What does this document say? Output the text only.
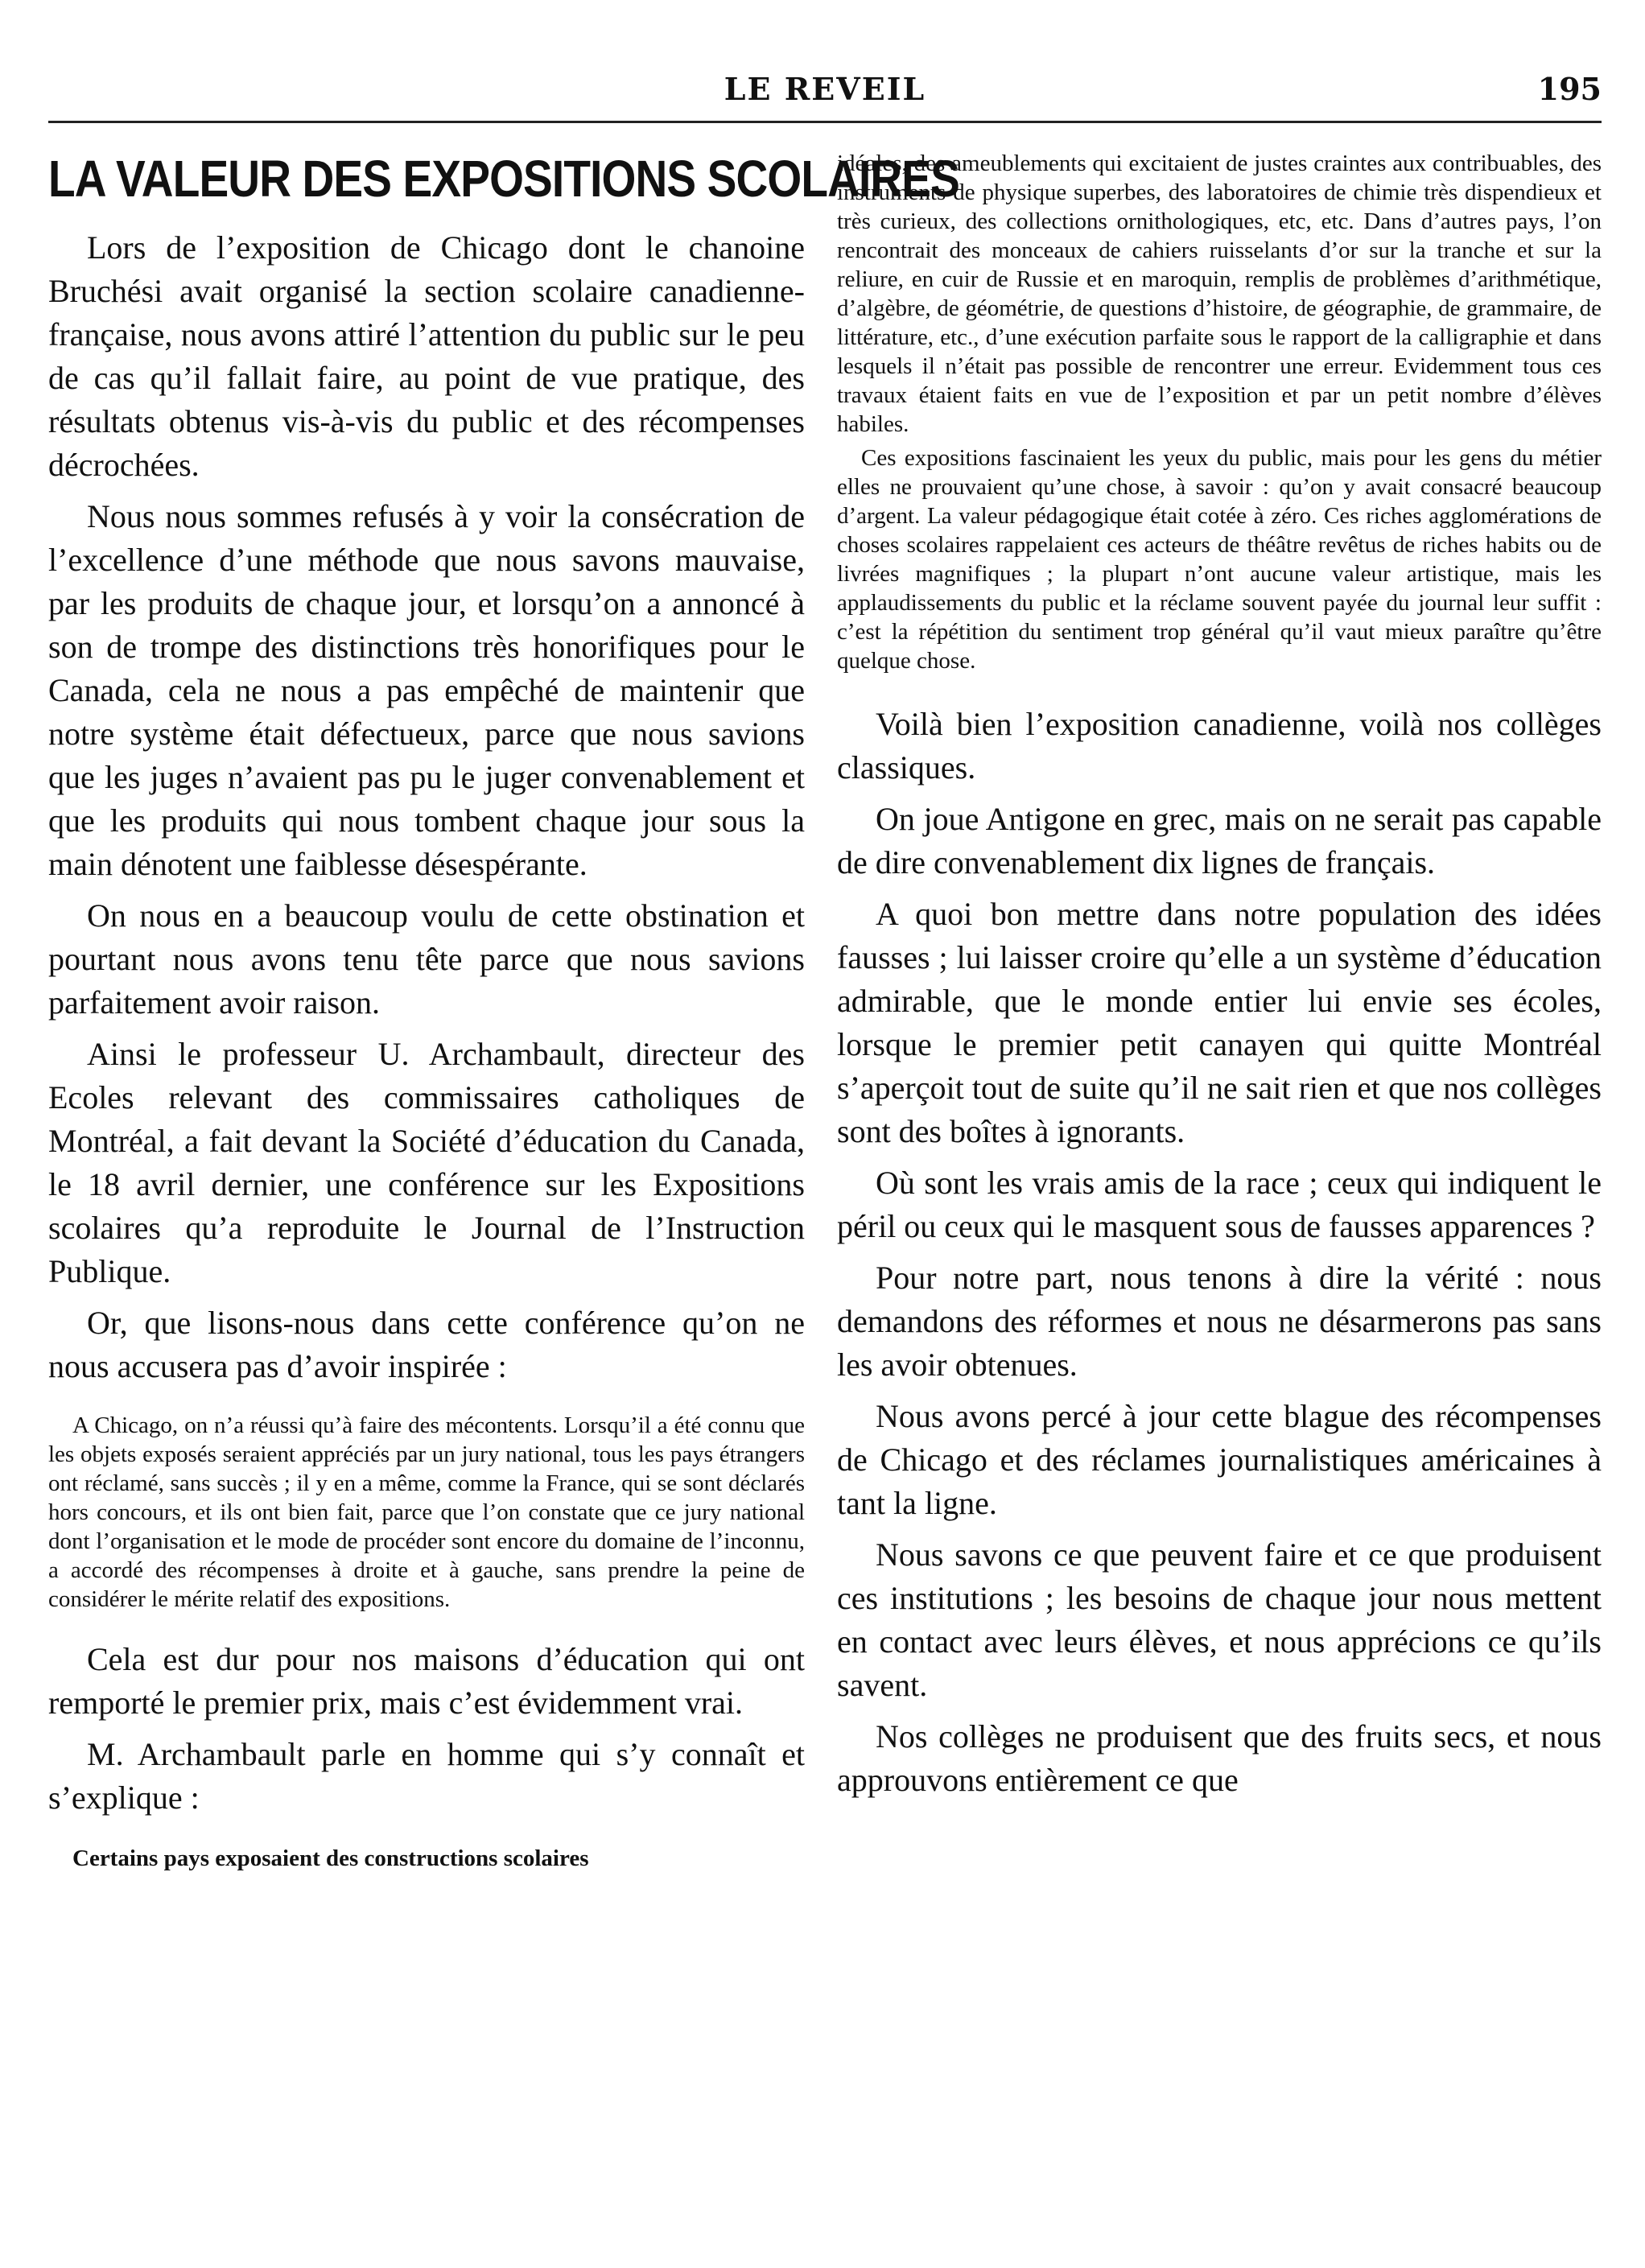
LE REVEIL	195
LA VALEUR DES EXPOSITIONS SCOLAIRES

Lors de l’exposition de Chicago dont le chanoine Bruchési avait organisé la section scolaire canadienne-française, nous avons attiré l’attention du public sur le peu de cas qu’il fallait faire, au point de vue pratique, des résultats obtenus vis-à-vis du public et des récompenses décrochées.

Nous nous sommes refusés à y voir la consécration de l’excellence d’une méthode que nous savons mauvaise, par les produits de chaque jour, et lorsqu’on a annoncé à son de trompe des distinctions très honorifiques pour le Canada, cela ne nous a pas empêché de maintenir que notre système était défectueux, parce que nous savions que les juges n’avaient pas pu le juger convenablement et que les produits qui nous tombent chaque jour sous la main dénotent une faiblesse désespérante.

On nous en a beaucoup voulu de cette obstination et pourtant nous avons tenu tête parce que nous savions parfaitement avoir raison.

Ainsi le professeur U. Archambault, directeur des Ecoles relevant des commissaires catholiques de Montréal, a fait devant la Société d’éducation du Canada, le 18 avril dernier, une conférence sur les Expositions scolaires qu’a reproduite le Journal de l’Instruction Publique.

Or, que lisons-nous dans cette conférence qu’on ne nous accusera pas d’avoir inspirée :

A Chicago, on n’a réussi qu’à faire des mécontents. Lorsqu’il a été connu que les objets exposés seraient appréciés par un jury national, tous les pays étrangers ont réclamé, sans succès ; il y en a même, comme la France, qui se sont déclarés hors concours, et ils ont bien fait, parce que l’on constate que ce jury national dont l’organisation et le mode de procéder sont encore du domaine de l’inconnu, a accordé des récompenses à droite et à gauche, sans prendre la peine de considérer le mérite relatif des expositions.

Cela est dur pour nos maisons d’éducation qui ont remporté le premier prix, mais c’est évidemment vrai.

M. Archambault parle en homme qui s’y connaît et s’explique :

Certains pays exposaient des constructions scolaires

idéales, des ameublements qui excitaient de justes craintes aux contribuables, des instruments de physique superbes, des laboratoires de chimie très dispendieux et très curieux, des collections ornithologiques, etc, etc. Dans d’autres pays, l’on rencontrait des monceaux de cahiers ruisselants d’or sur la tranche et sur la reliure, en cuir de Russie et en maroquin, remplis de problèmes d’arithmétique, d’algèbre, de géométrie, de questions d’histoire, de géographie, de grammaire, de littérature, etc., d’une exécution parfaite sous le rapport de la calligraphie et dans lesquels il n’était pas possible de rencontrer une erreur. Evidemment tous ces travaux étaient faits en vue de l’exposition et par un petit nombre d’élèves habiles.

Ces expositions fascinaient les yeux du public, mais pour les gens du métier elles ne prouvaient qu’une chose, à savoir : qu’on y avait consacré beaucoup d’argent. La valeur pédagogique était cotée à zéro. Ces riches agglomérations de choses scolaires rappelaient ces acteurs de théâtre revêtus de riches habits ou de livrées magnifiques ; la plupart n’ont aucune valeur artistique, mais les applaudissements du public et la réclame souvent payée du journal leur suffit : c’est la répétition du sentiment trop général qu’il vaut mieux paraître qu’être quelque chose.

Voilà bien l’exposition canadienne, voilà nos collèges classiques.

On joue Antigone en grec, mais on ne serait pas capable de dire convenablement dix lignes de français.

A quoi bon mettre dans notre population des idées fausses ; lui laisser croire qu’elle a un système d’éducation admirable, que le monde entier lui envie ses écoles, lorsque le premier petit canayen qui quitte Montréal s’aperçoit tout de suite qu’il ne sait rien et que nos collèges sont des boîtes à ignorants.

Où sont les vrais amis de la race ; ceux qui indiquent le péril ou ceux qui le masquent sous de fausses apparences ?

Pour notre part, nous tenons à dire la vérité : nous demandons des réformes et nous ne désarmerons pas sans les avoir obtenues.

Nous avons percé à jour cette blague des récompenses de Chicago et des réclames journalistiques américaines à tant la ligne.

Nous savons ce que peuvent faire et ce que produisent ces institutions ; les besoins de chaque jour nous mettent en contact avec leurs élèves, et nous apprécions ce qu’ils savent.

Nos collèges ne produisent que des fruits secs, et nous approuvons entièrement ce que
